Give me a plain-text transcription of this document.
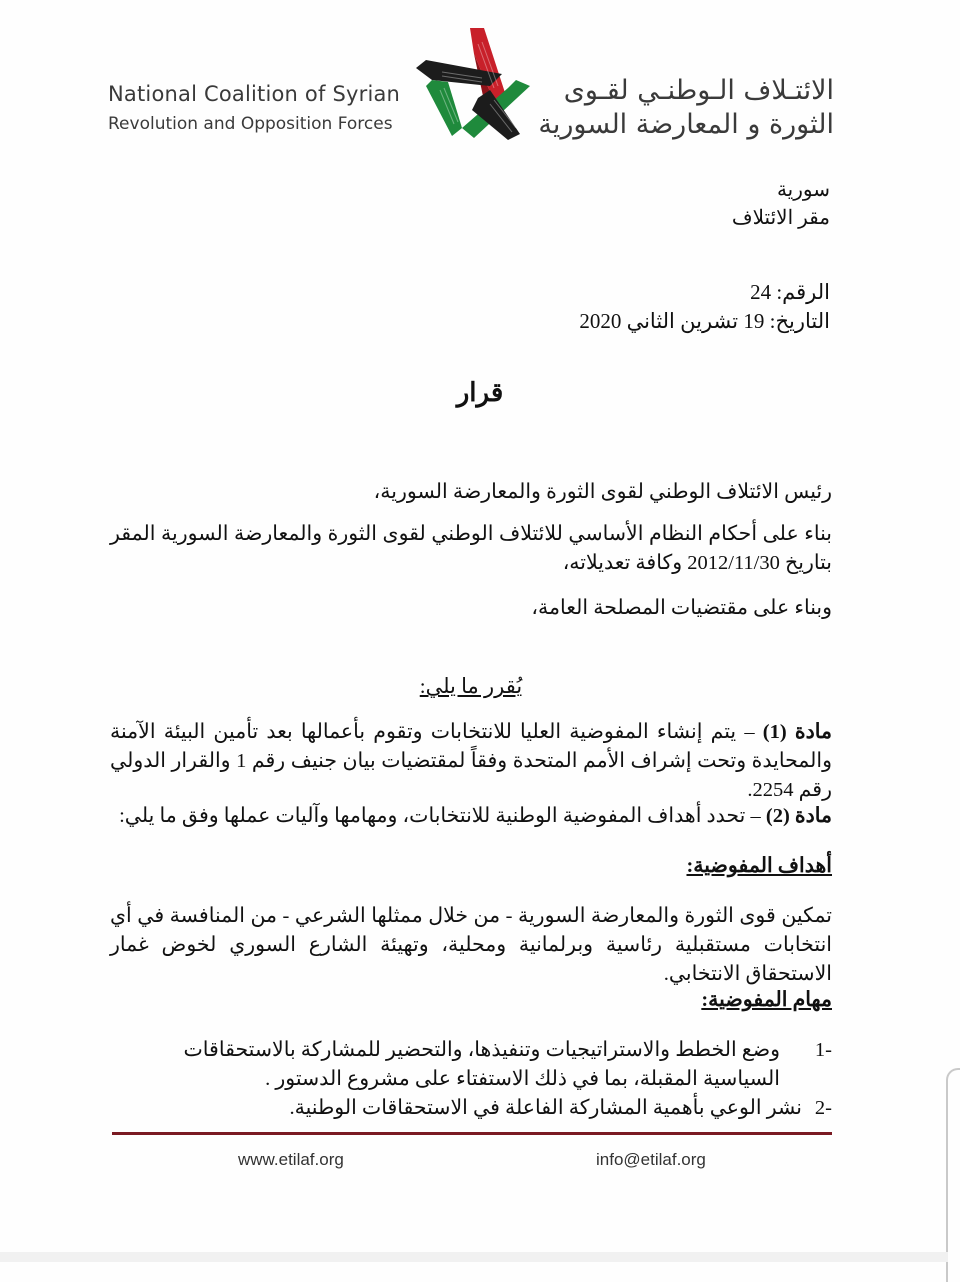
National Coalition of Syrian
Revolution and Opposition Forces
الائتـلاف الـوطنـي لقـوى
الثورة و المعارضة السورية
سورية
مقر الائتلاف
الرقم: 24
التاريخ: 19 تشرين الثاني 2020
قرار
رئيس الائتلاف الوطني لقوى الثورة والمعارضة السورية،
بناء على أحكام النظام الأساسي للائتلاف الوطني لقوى الثورة والمعارضة السورية المقر بتاريخ 2012/11/30 وكافة تعديلاته،
وبناء على مقتضيات المصلحة العامة،
يُقرر ما يلي:
مادة (1) – يتم إنشاء المفوضية العليا للانتخابات وتقوم بأعمالها بعد تأمين البيئة الآمنة والمحايدة وتحت إشراف الأمم المتحدة وفقاً لمقتضيات بيان جنيف رقم 1 والقرار الدولي رقم 2254.
مادة (2) – تحدد أهداف المفوضية الوطنية للانتخابات، ومهامها وآليات عملها وفق ما يلي:
أهداف المفوضية:
تمكين قوى الثورة والمعارضة السورية - من خلال ممثلها الشرعي - من المنافسة في أي انتخابات مستقبلية رئاسية وبرلمانية ومحلية، وتهيئة الشارع السوري لخوض غمار الاستحقاق الانتخابي.
مهام المفوضية:
-1
وضع الخطط والاستراتيجيات وتنفيذها، والتحضير للمشاركة بالاستحقاقات السياسية المقبلة، بما في ذلك الاستفتاء على مشروع الدستور .
-2
نشر الوعي بأهمية المشاركة الفاعلة في الاستحقاقات الوطنية.
www.etilaf.org	info@etilaf.org
